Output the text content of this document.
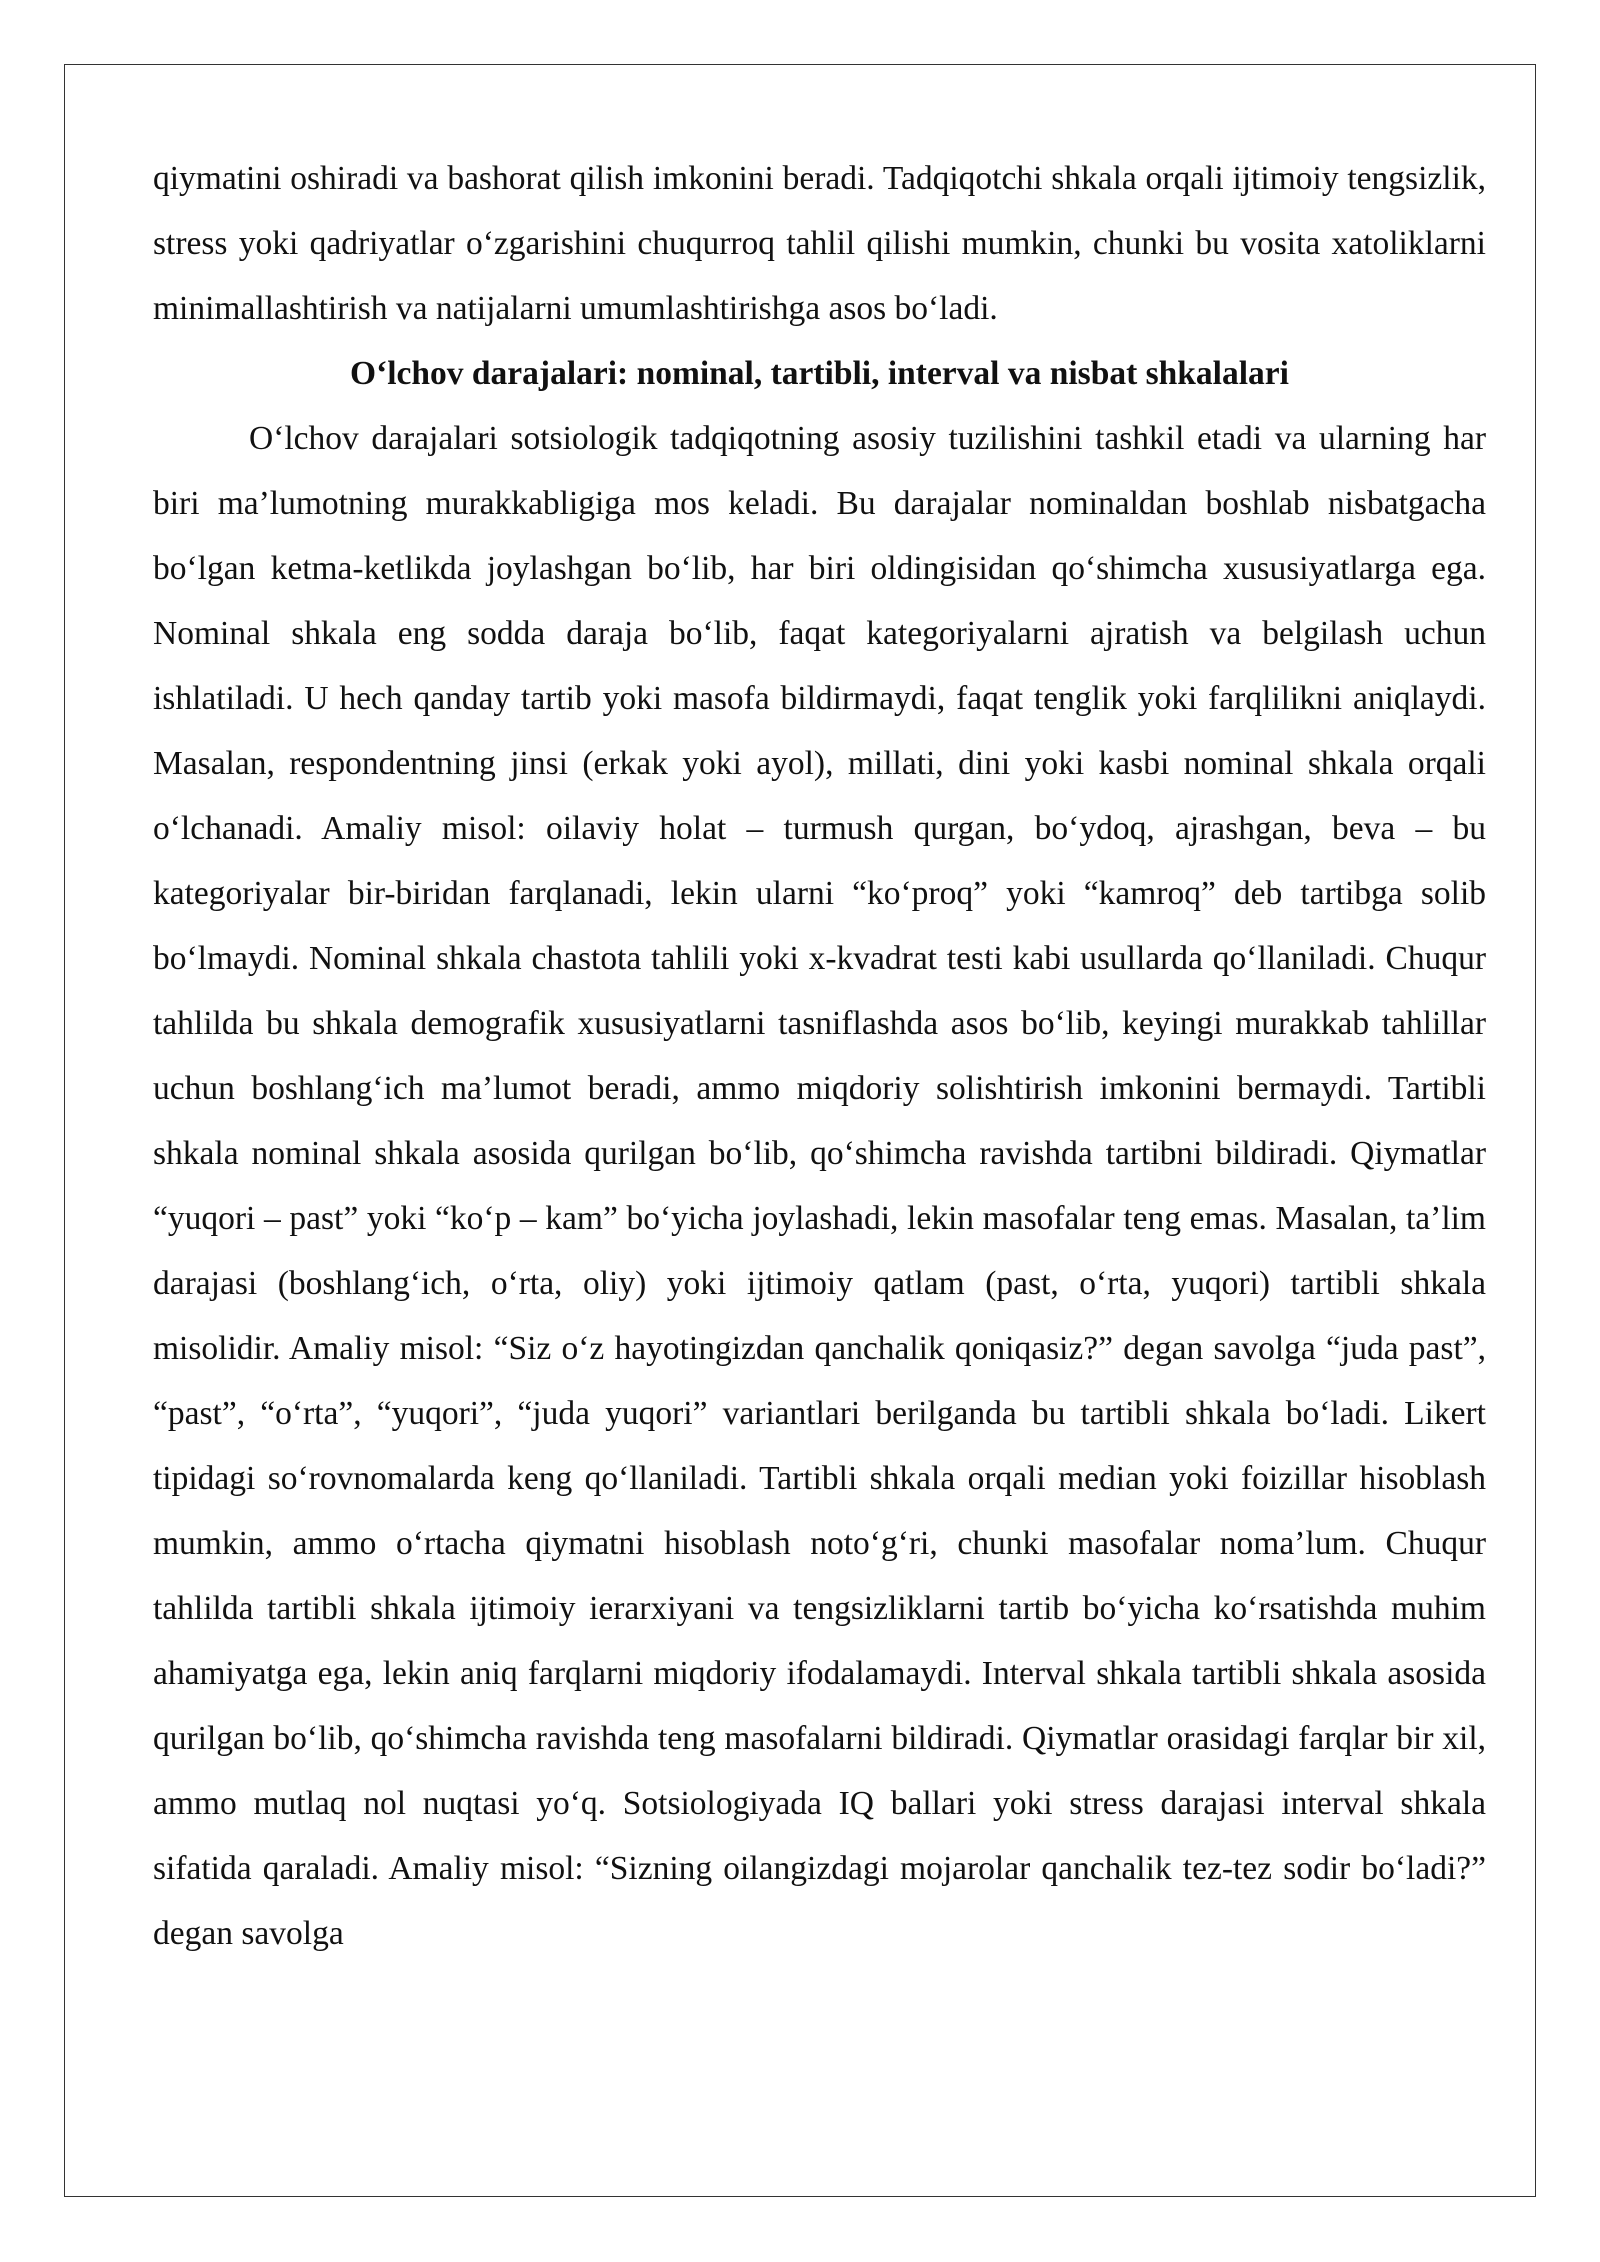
qiymatini oshiradi va bashorat qilish imkonini beradi. Tadqiqotchi shkala orqali ijtimoiy tengsizlik, stress yoki qadriyatlar o‘zgarishini chuqurroq tahlil qilishi mumkin, chunki bu vosita xatoliklarni minimallashtirish va natijalarni umumlashtirishga asos bo‘ladi.

O‘lchov darajalari: nominal, tartibli, interval va nisbat shkalalari

O‘lchov darajalari sotsiologik tadqiqotning asosiy tuzilishini tashkil etadi va ularning har biri ma’lumotning murakkabligiga mos keladi. Bu darajalar nominaldan boshlab nisbatgacha bo‘lgan ketma-ketlikda joylashgan bo‘lib, har biri oldingisidan qo‘shimcha xususiyatlarga ega. Nominal shkala eng sodda daraja bo‘lib, faqat kategoriyalarni ajratish va belgilash uchun ishlatiladi. U hech qanday tartib yoki masofa bildirmaydi, faqat tenglik yoki farqlilikni aniqlaydi. Masalan, respondentning jinsi (erkak yoki ayol), millati, dini yoki kasbi nominal shkala orqali o‘lchanadi. Amaliy misol: oilaviy holat – turmush qurgan, bo‘ydoq, ajrashgan, beva – bu kategoriyalar bir-biridan farqlanadi, lekin ularni “ko‘proq” yoki “kamroq” deb tartibga solib bo‘lmaydi. Nominal shkala chastota tahlili yoki x-kvadrat testi kabi usullarda qo‘llaniladi. Chuqur tahlilda bu shkala demografik xususiyatlarni tasniflashda asos bo‘lib, keyingi murakkab tahlillar uchun boshlang‘ich ma’lumot beradi, ammo miqdoriy solishtirish imkonini bermaydi. Tartibli shkala nominal shkala asosida qurilgan bo‘lib, qo‘shimcha ravishda tartibni bildiradi. Qiymatlar “yuqori – past” yoki “ko‘p – kam” bo‘yicha joylashadi, lekin masofalar teng emas. Masalan, ta’lim darajasi (boshlang‘ich, o‘rta, oliy) yoki ijtimoiy qatlam (past, o‘rta, yuqori) tartibli shkala misolidir. Amaliy misol: “Siz o‘z hayotingizdan qanchalik qoniqasiz?” degan savolga “juda past”, “past”, “o‘rta”, “yuqori”, “juda yuqori” variantlari berilganda bu tartibli shkala bo‘ladi. Likert tipidagi so‘rovnomalarda keng qo‘llaniladi. Tartibli shkala orqali median yoki foizillar hisoblash mumkin, ammo o‘rtacha qiymatni hisoblash noto‘g‘ri, chunki masofalar noma’lum. Chuqur tahlilda tartibli shkala ijtimoiy ierarxiyani va tengsizliklarni tartib bo‘yicha ko‘rsatishda muhim ahamiyatga ega, lekin aniq farqlarni miqdoriy ifodalamaydi. Interval shkala tartibli shkala asosida qurilgan bo‘lib, qo‘shimcha ravishda teng masofalarni bildiradi. Qiymatlar orasidagi farqlar bir xil, ammo mutlaq nol nuqtasi yo‘q. Sotsiologiyada IQ ballari yoki stress darajasi interval shkala sifatida qaraladi. Amaliy misol: “Sizning oilangizdagi mojarolar qanchalik tez-tez sodir bo‘ladi?” degan savolga
